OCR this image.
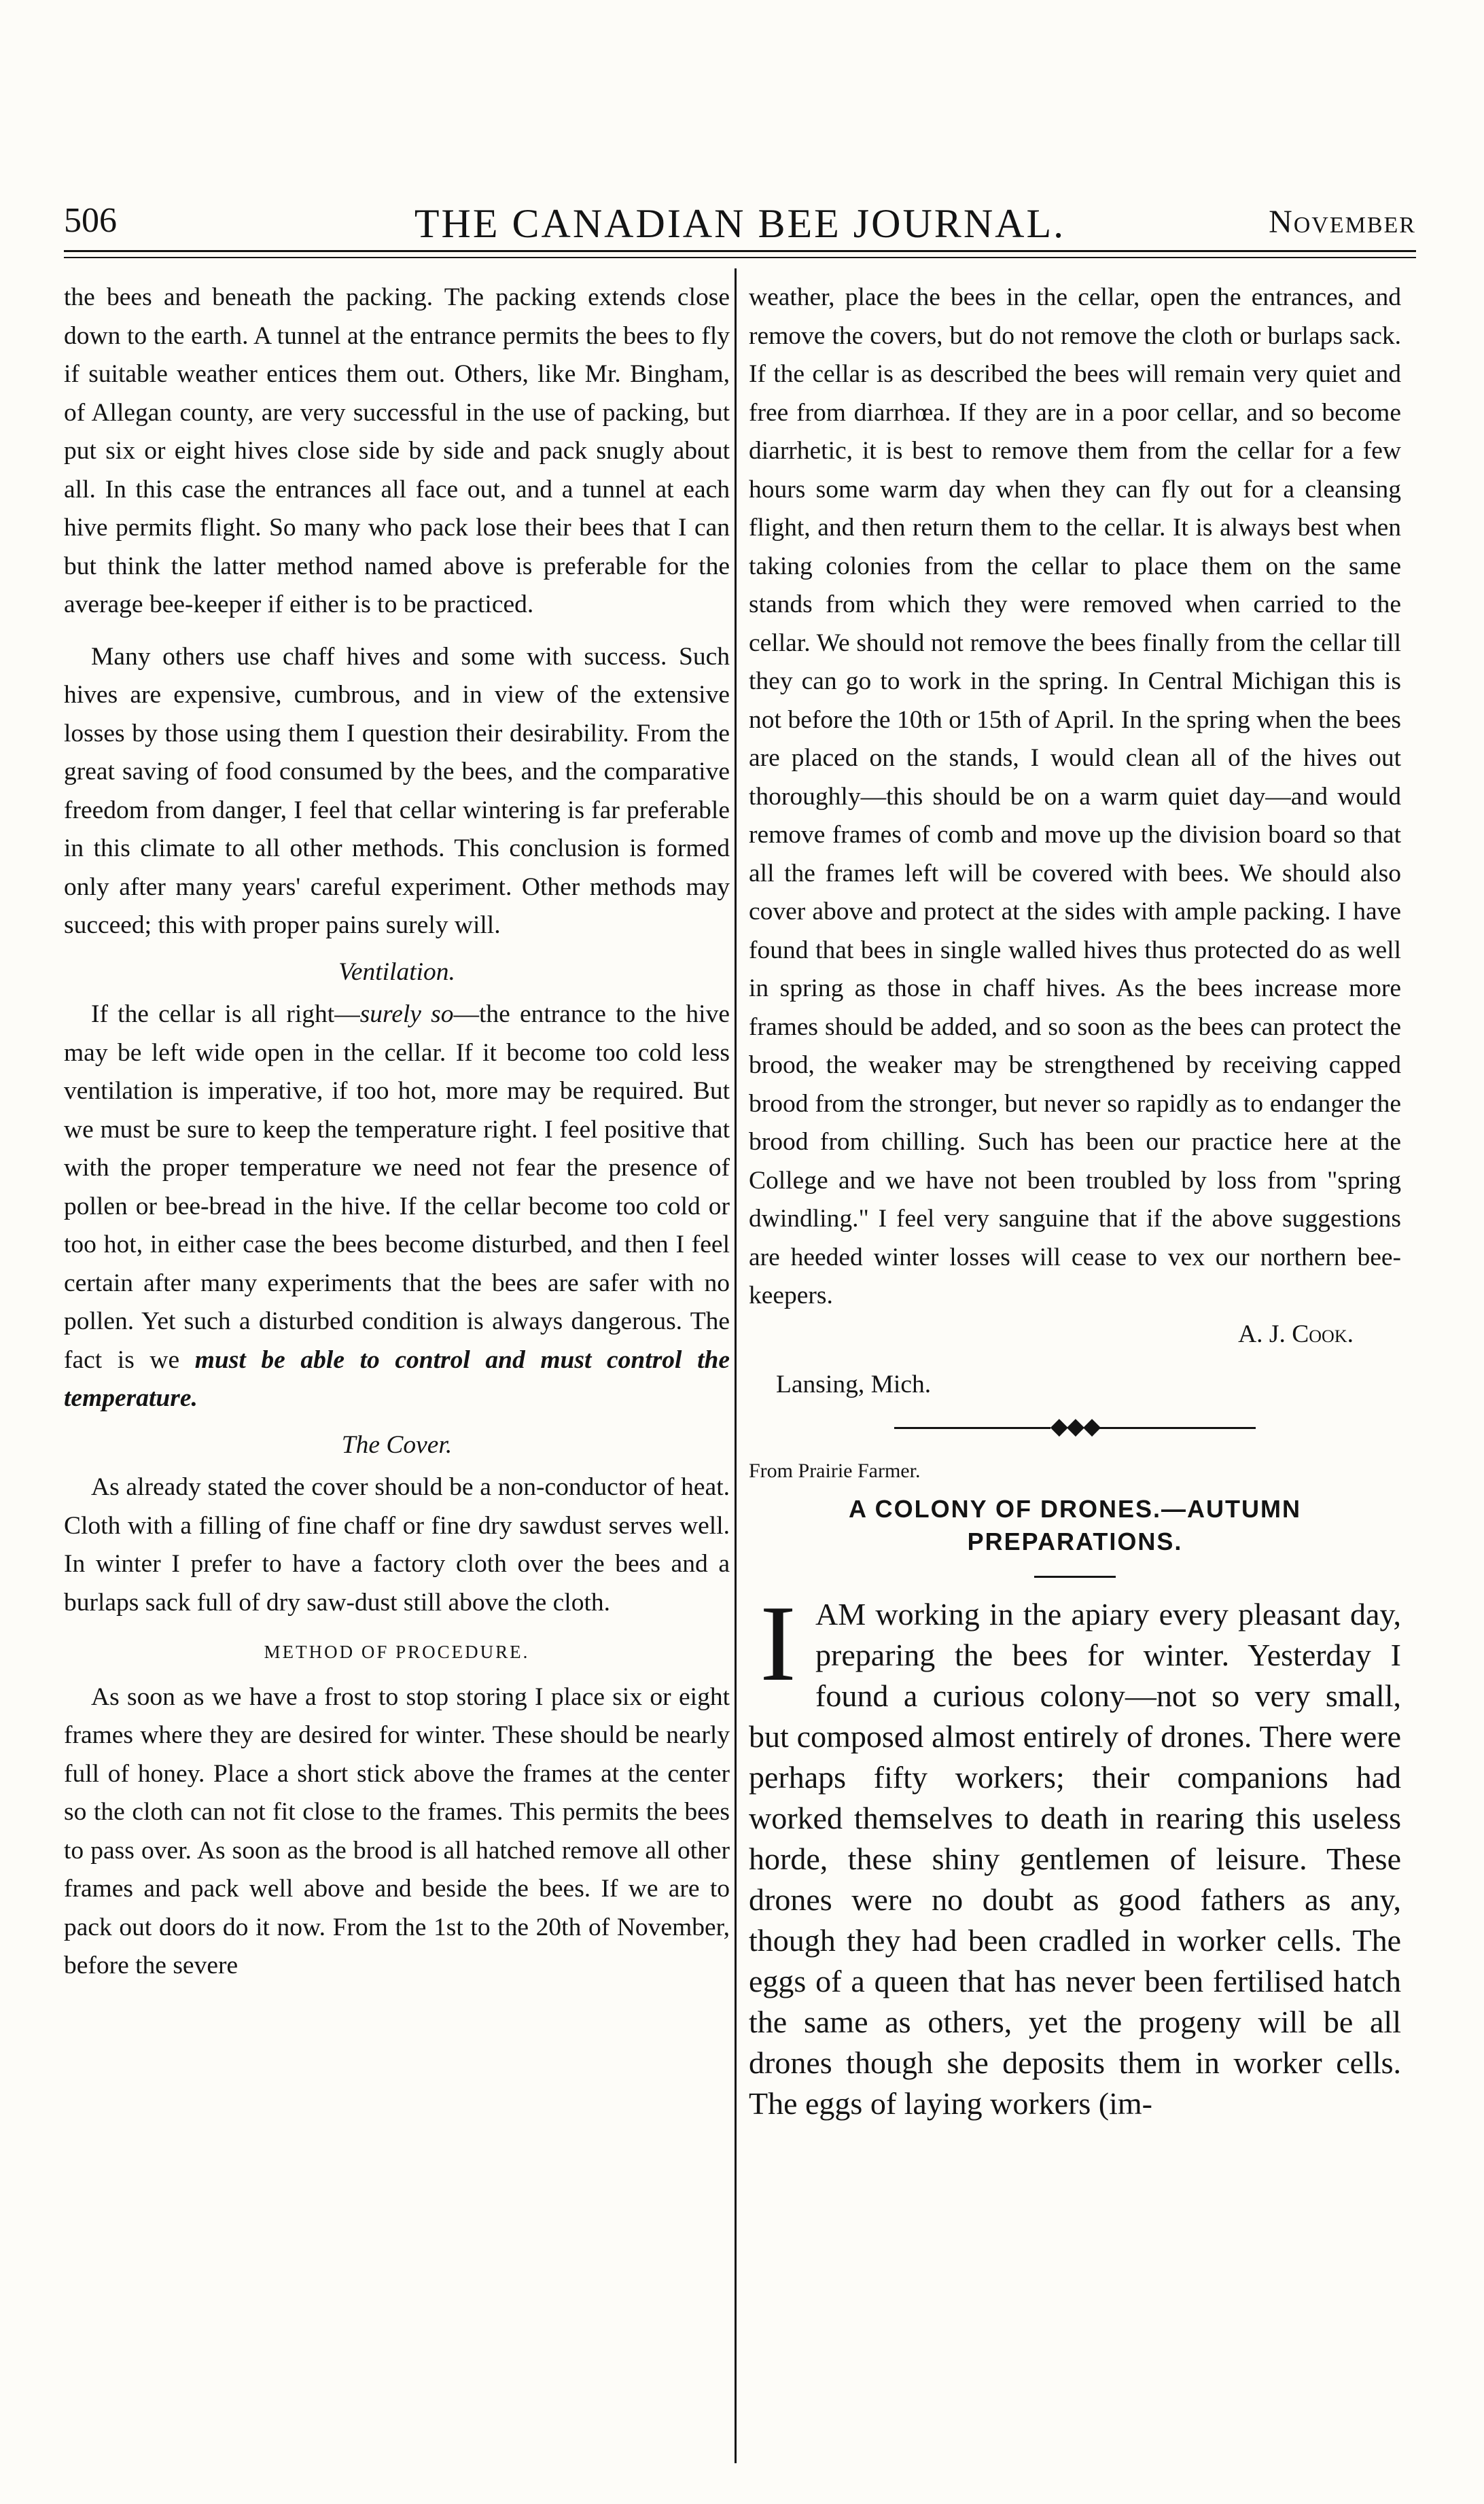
506	THE CANADIAN BEE JOURNAL.	November

the bees and beneath the packing. The packing extends close down to the earth. A tunnel at the entrance permits the bees to fly if suitable weather entices them out. Others, like Mr. Bingham, of Allegan county, are very successful in the use of packing, but put six or eight hives close side by side and pack snugly about all. In this case the entrances all face out, and a tunnel at each hive permits flight. So many who pack lose their bees that I can but think the latter method named above is preferable for the average bee-keeper if either is to be practiced.

Many others use chaff hives and some with success. Such hives are expensive, cumbrous, and in view of the extensive losses by those using them I question their desirability. From the great saving of food consumed by the bees, and the comparative freedom from danger, I feel that cellar wintering is far preferable in this climate to all other methods. This conclusion is formed only after many years' careful experiment. Other methods may succeed; this with proper pains surely will.

Ventilation.

If the cellar is all right—surely so—the entrance to the hive may be left wide open in the cellar. If it become too cold less ventilation is imperative, if too hot, more may be required. But we must be sure to keep the temperature right. I feel positive that with the proper temperature we need not fear the presence of pollen or bee-bread in the hive. If the cellar become too cold or too hot, in either case the bees become disturbed, and then I feel certain after many experiments that the bees are safer with no pollen. Yet such a disturbed condition is always dangerous. The fact is we must be able to control and must control the temperature.

The Cover.

As already stated the cover should be a non-conductor of heat. Cloth with a filling of fine chaff or fine dry sawdust serves well. In winter I prefer to have a factory cloth over the bees and a burlaps sack full of dry saw-dust still above the cloth.

METHOD OF PROCEDURE.

As soon as we have a frost to stop storing I place six or eight frames where they are desired for winter. These should be nearly full of honey. Place a short stick above the frames at the center so the cloth can not fit close to the frames. This permits the bees to pass over. As soon as the brood is all hatched remove all other frames and pack well above and beside the bees. If we are to pack out doors do it now. From the 1st to the 20th of November, before the severe

weather, place the bees in the cellar, open the entrances, and remove the covers, but do not remove the cloth or burlaps sack. If the cellar is as described the bees will remain very quiet and free from diarrhœa. If they are in a poor cellar, and so become diarrhetic, it is best to remove them from the cellar for a few hours some warm day when they can fly out for a cleansing flight, and then return them to the cellar. It is always best when taking colonies from the cellar to place them on the same stands from which they were removed when carried to the cellar. We should not remove the bees finally from the cellar till they can go to work in the spring. In Central Michigan this is not before the 10th or 15th of April. In the spring when the bees are placed on the stands, I would clean all of the hives out thoroughly—this should be on a warm quiet day—and would remove frames of comb and move up the division board so that all the frames left will be covered with bees. We should also cover above and protect at the sides with ample packing. I have found that bees in single walled hives thus protected do as well in spring as those in chaff hives. As the bees increase more frames should be added, and so soon as the bees can protect the brood, the weaker may be strengthened by receiving capped brood from the stronger, but never so rapidly as to endanger the brood from chilling. Such has been our practice here at the College and we have not been troubled by loss from "spring dwindling." I feel very sanguine that if the above suggestions are heeded winter losses will cease to vex our northern bee-keepers.

A. J. Cook.
Lansing, Mich.
◆◆◆
From Prairie Farmer.
A COLONY OF DRONES.—AUTUMN
PREPARATIONS.
I AM working in the apiary every pleasant day, preparing the bees for winter. Yesterday I found a curious colony—not so very small, but composed almost entirely of drones. There were perhaps fifty workers; their companions had worked themselves to death in rearing this useless horde, these shiny gentlemen of leisure. These drones were no doubt as good fathers as any, though they had been cradled in worker cells. The eggs of a queen that has never been fertilised hatch the same as others, yet the progeny will be all drones though she deposits them in worker cells. The eggs of laying workers (im-
